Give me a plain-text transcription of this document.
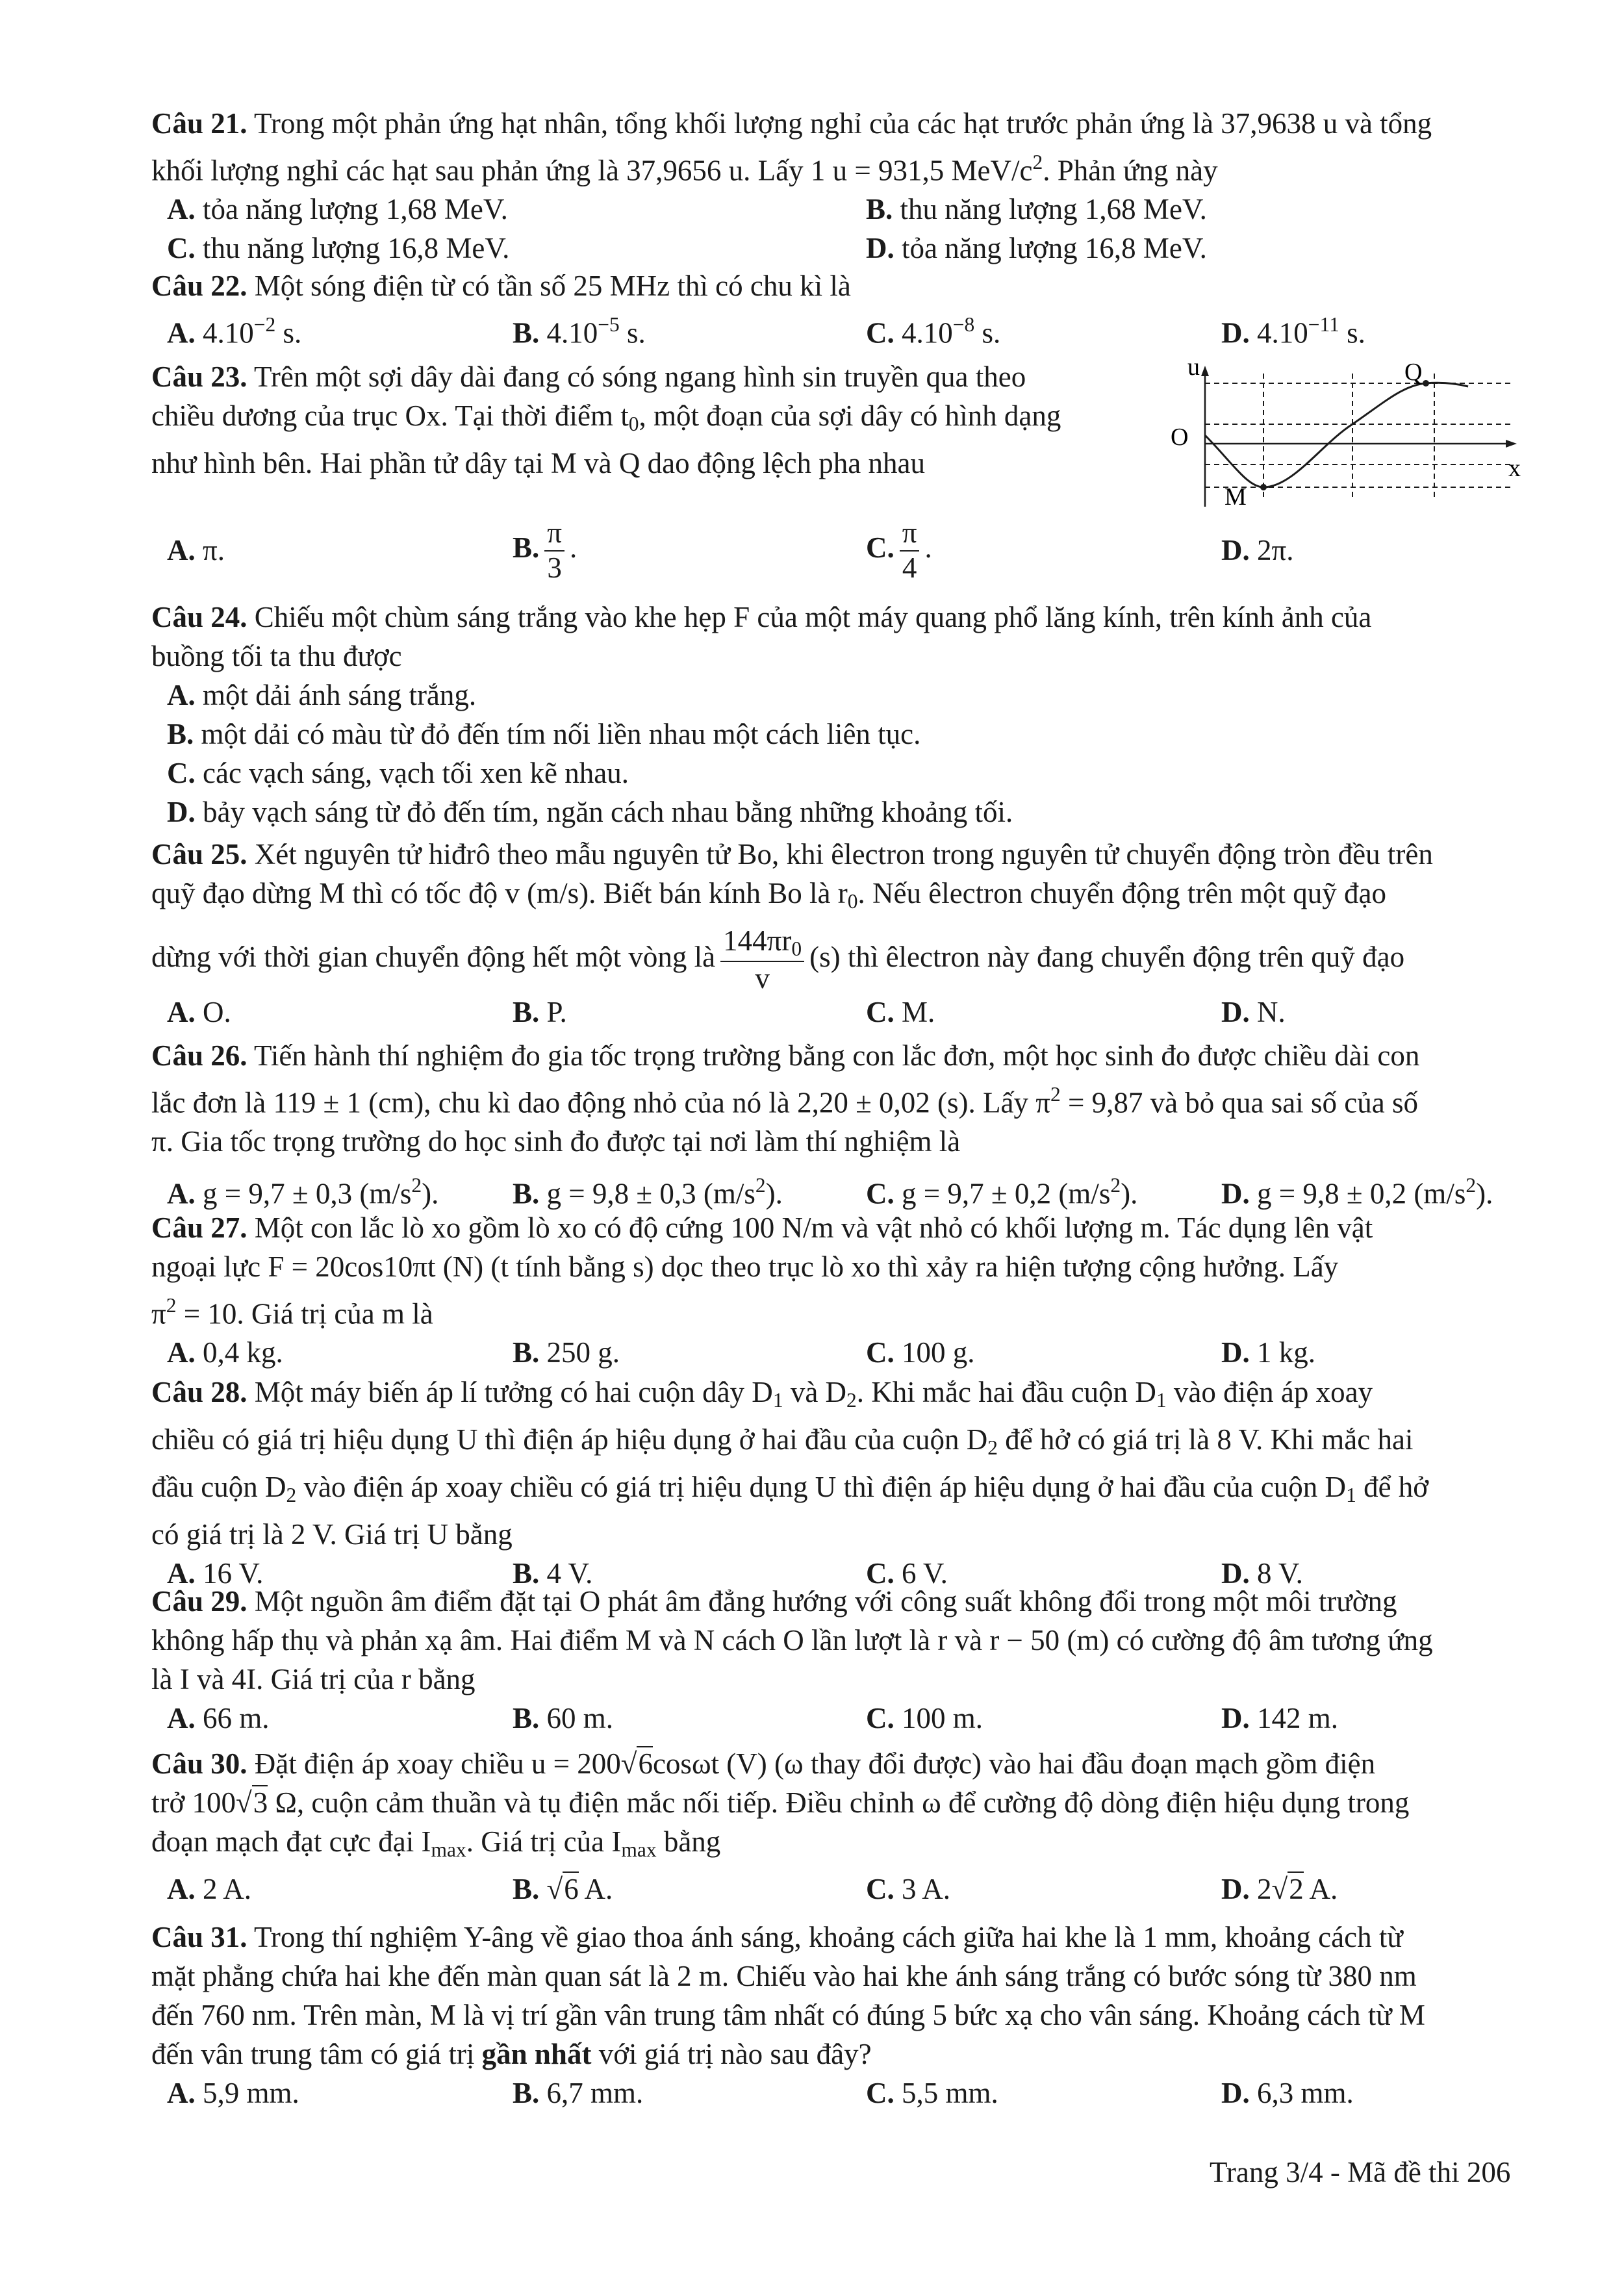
Câu 21. Trong một phản ứng hạt nhân, tổng khối lượng nghỉ của các hạt trước phản ứng là 37,9638 u và tổng
khối lượng nghỉ các hạt sau phản ứng là 37,9656 u. Lấy 1 u = 931,5 MeV/$c^2$. Phản ứng này
A. tỏa năng lượng 1,68 MeV.	B. thu năng lượng 1,68 MeV.
C. thu năng lượng 16,8 MeV.	D. tỏa năng lượng 16,8 MeV.
Câu 22. Một sóng điện từ có tần số 25 MHz thì có chu kì là
A. $4.10^{-2}$ s.	B. $4.10^{-5}$ s.	C. $4.10^{-8}$ s.	D. $4.10^{-11}$ s.
Câu 23. Trên một sợi dây dài đang có sóng ngang hình sin truyền qua theo
chiều dương của trục Ox. Tại thời điểm $t_0$, một đoạn của sợi dây có hình dạng
như hình bên. Hai phần tử dây tại M và Q dao động lệch pha nhau
A. π.	B. $\frac{\pi}{3}$ .	C. $\frac{\pi}{4}$ .	D. 2π.
u
O
x
Q
M
Câu 24. Chiếu một chùm sáng trắng vào khe hẹp F của một máy quang phổ lăng kính, trên kính ảnh của
buồng tối ta thu được
A. một dải ánh sáng trắng.
B. một dải có màu từ đỏ đến tím nối liền nhau một cách liên tục.
C. các vạch sáng, vạch tối xen kẽ nhau.
D. bảy vạch sáng từ đỏ đến tím, ngăn cách nhau bằng những khoảng tối.
Câu 25. Xét nguyên tử hiđrô theo mẫu nguyên tử Bo, khi êlectron trong nguyên tử chuyển động tròn đều trên
quỹ đạo dừng M thì có tốc độ v (m/s). Biết bán kính Bo là $r_0$. Nếu êlectron chuyển động trên một quỹ đạo
dừng với thời gian chuyển động hết một vòng là $\frac{144\pi r_0}{v} (s)$ thì êlectron này đang chuyển động trên quỹ đạo
A. O.	B. P.	C. M.	D. N.
Câu 26. Tiến hành thí nghiệm đo gia tốc trọng trường bằng con lắc đơn, một học sinh đo được chiều dài con
lắc đơn là 119 ± 1 (cm), chu kì dao động nhỏ của nó là 2,20 ± 0,02 (s). Lấy $\pi^2 = 9,87$ và bỏ qua sai số của số
π. Gia tốc trọng trường do học sinh đo được tại nơi làm thí nghiệm là
A. g = 9,7 ± 0,3 $(m/s^2)$.	B. g = 9,8 ± 0,3 $(m/s^2)$.	C. g = 9,7 ± 0,2 $(m/s^2)$.	D. g = 9,8 ± 0,2 $(m/s^2)$.
Câu 27. Một con lắc lò xo gồm lò xo có độ cứng 100 N/m và vật nhỏ có khối lượng m. Tác dụng lên vật
ngoại lực F = 20cos10πt (N) (t tính bằng s) dọc theo trục lò xo thì xảy ra hiện tượng cộng hưởng. Lấy
$\pi^2 = 10$. Giá trị của m là
A. 0,4 kg.	B. 250 g.	C. 100 g.	D. 1 kg.
Câu 28. Một máy biến áp lí tưởng có hai cuộn dây $D_1$ và $D_2$. Khi mắc hai đầu cuộn $D_1$ vào điện áp xoay
chiều có giá trị hiệu dụng U thì điện áp hiệu dụng ở hai đầu của cuộn $D_2$ để hở có giá trị là 8 V. Khi mắc hai
đầu cuộn $D_2$ vào điện áp xoay chiều có giá trị hiệu dụng U thì điện áp hiệu dụng ở hai đầu của cuộn $D_1$ để hở
có giá trị là 2 V. Giá trị U bằng
A. 16 V.	B. 4 V.	C. 6 V.	D. 8 V.
Câu 29. Một nguồn âm điểm đặt tại O phát âm đẳng hướng với công suất không đổi trong một môi trường
không hấp thụ và phản xạ âm. Hai điểm M và N cách O lần lượt là r và r − 50 (m) có cường độ âm tương ứng
là I và 4I. Giá trị của r bằng
A. 66 m.	B. 60 m.	C. 100 m.	D. 142 m.
Câu 30. Đặt điện áp xoay chiều u = 200√6cosωt (V) (ω thay đổi được) vào hai đầu đoạn mạch gồm điện
trở 100√3 Ω, cuộn cảm thuần và tụ điện mắc nối tiếp. Điều chỉnh ω để cường độ dòng điện hiệu dụng trong
đoạn mạch đạt cực đại $I_{max}$. Giá trị của $I_{max}$ bằng
A. 2 A.	B. √6 A.	C. 3 A.	D. 2√2 A.
Câu 31. Trong thí nghiệm Y-âng về giao thoa ánh sáng, khoảng cách giữa hai khe là 1 mm, khoảng cách từ
mặt phẳng chứa hai khe đến màn quan sát là 2 m. Chiếu vào hai khe ánh sáng trắng có bước sóng từ 380 nm
đến 760 nm. Trên màn, M là vị trí gần vân trung tâm nhất có đúng 5 bức xạ cho vân sáng. Khoảng cách từ M
đến vân trung tâm có giá trị gần nhất với giá trị nào sau đây?
A. 5,9 mm.	B. 6,7 mm.	C. 5,5 mm.	D. 6,3 mm.
Trang 3/4 - Mã đề thi 206
